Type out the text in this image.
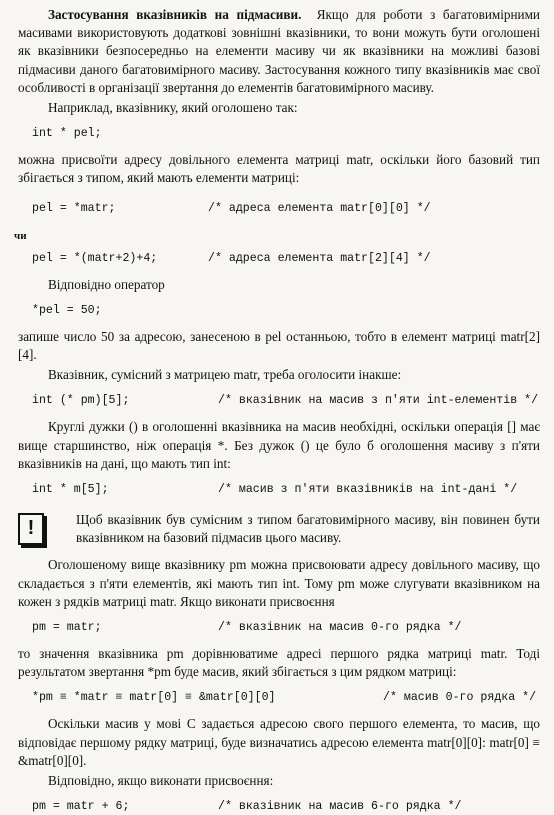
Застосування вказівників на підмасиви. Якщо для роботи з багатовимірними масивами використовують додаткові зовнішні вказівники, то вони можуть бути оголошені як вказівники безпосередньо на елементи масиву чи як вказівники на можливі базові підмасиви даного багатовимірного масиву. Застосування кожного типу вказівників має свої особливості в організації звертання до елементів багатовимірного масиву.

Наприклад, вказівнику, який оголошено так:

int * pel;

можна присвоїти адресу довільного елемента матриці matr, оскільки його базовий тип збігається з типом, який мають елементи матриці:

pel = *matr;	/* адреса елемента matr[0][0] */
чи
pel = *(matr+2)+4;	/* адреса елемента matr[2][4] */

Відповідно оператор

*pel = 50;

запише число 50 за адресою, занесеною в pel останньою, тобто в елемент матриці matr[2][4].

Вказівник, сумісний з матрицею matr, треба оголосити інакше:

int (* pm)[5];	/* вказівник на масив з п'яти int-елементів */

Круглі дужки () в оголошенні вказівника на масив необхідні, оскільки операція [] має вище старшинство, ніж операція *. Без дужок () це було б оголошення масиву з п'яти вказівників на дані, що мають тип int:

int * m[5];	/* масив з п'яти вказівників на int-дані */
!	Щоб вказівник був сумісним з типом багатовимірного масиву, він повинен бути вказівником на базовий підмасив цього масиву.

Оголошеному вище вказівнику pm можна присвоювати адресу довільного масиву, що складається з п'яти елементів, які мають тип int. Тому pm може слугувати вказівником на кожен з рядків матриці matr. Якщо виконати присвоєння

pm = matr;	/* вказівник на масив 0-го рядка */

то значення вказівника pm дорівнюватиме адресі першого рядка матриці matr. Тоді результатом звертання *pm буде масив, який збігається з цим рядком матриці:

*pm ≡ *matr ≡ matr[0] ≡ &matr[0][0]	/* масив 0-го рядка */

Оскільки масив у мові С задається адресою свого першого елемента, то масив, що відповідає першому рядку матриці, буде визначатись адресою елемента matr[0][0]: matr[0] ≡ &matr[0][0].

Відповідно, якщо виконати присвоєння:

pm = matr + 6;	/* вказівник на масив 6-го рядка */
